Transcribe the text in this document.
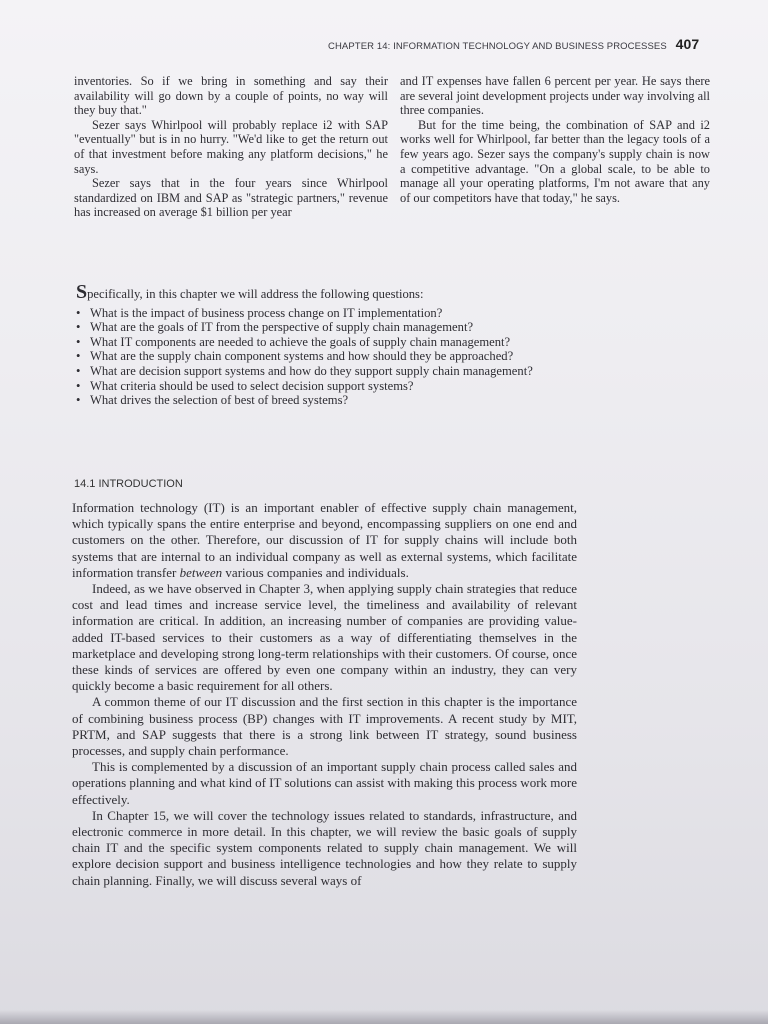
CHAPTER 14: INFORMATION TECHNOLOGY AND BUSINESS PROCESSES 407

inventories. So if we bring in something and say their availability will go down by a couple of points, no way will they buy that."

Sezer says Whirlpool will probably replace i2 with SAP "eventually" but is in no hurry. "We'd like to get the return out of that investment before making any platform decisions," he says.

Sezer says that in the four years since Whirlpool standardized on IBM and SAP as "strategic partners," revenue has increased on average $1 billion per year

and IT expenses have fallen 6 percent per year. He says there are several joint development projects under way involving all three companies.

But for the time being, the combination of SAP and i2 works well for Whirlpool, far better than the legacy tools of a few years ago. Sezer says the company's supply chain is now a competitive advantage. "On a global scale, to be able to manage all your operating platforms, I'm not aware that any of our competitors have that today," he says.

Specifically, in this chapter we will address the following questions:

• What is the impact of business process change on IT implementation?
• What are the goals of IT from the perspective of supply chain management?
• What IT components are needed to achieve the goals of supply chain management?
• What are the supply chain component systems and how should they be approached?
• What are decision support systems and how do they support supply chain management?
• What criteria should be used to select decision support systems?
• What drives the selection of best of breed systems?
14.1 INTRODUCTION

Information technology (IT) is an important enabler of effective supply chain management, which typically spans the entire enterprise and beyond, encompassing suppliers on one end and customers on the other. Therefore, our discussion of IT for supply chains will include both systems that are internal to an individual company as well as external systems, which facilitate information transfer between various companies and individuals.

Indeed, as we have observed in Chapter 3, when applying supply chain strategies that reduce cost and lead times and increase service level, the timeliness and availability of relevant information are critical. In addition, an increasing number of companies are providing value-added IT-based services to their customers as a way of differentiating themselves in the marketplace and developing strong long-term relationships with their customers. Of course, once these kinds of services are offered by even one company within an industry, they can very quickly become a basic requirement for all others.

A common theme of our IT discussion and the first section in this chapter is the importance of combining business process (BP) changes with IT improvements. A recent study by MIT, PRTM, and SAP suggests that there is a strong link between IT strategy, sound business processes, and supply chain performance.

This is complemented by a discussion of an important supply chain process called sales and operations planning and what kind of IT solutions can assist with making this process work more effectively.

In Chapter 15, we will cover the technology issues related to standards, infrastructure, and electronic commerce in more detail. In this chapter, we will review the basic goals of supply chain IT and the specific system components related to supply chain management. We will explore decision support and business intelligence technologies and how they relate to supply chain planning. Finally, we will discuss several ways of
